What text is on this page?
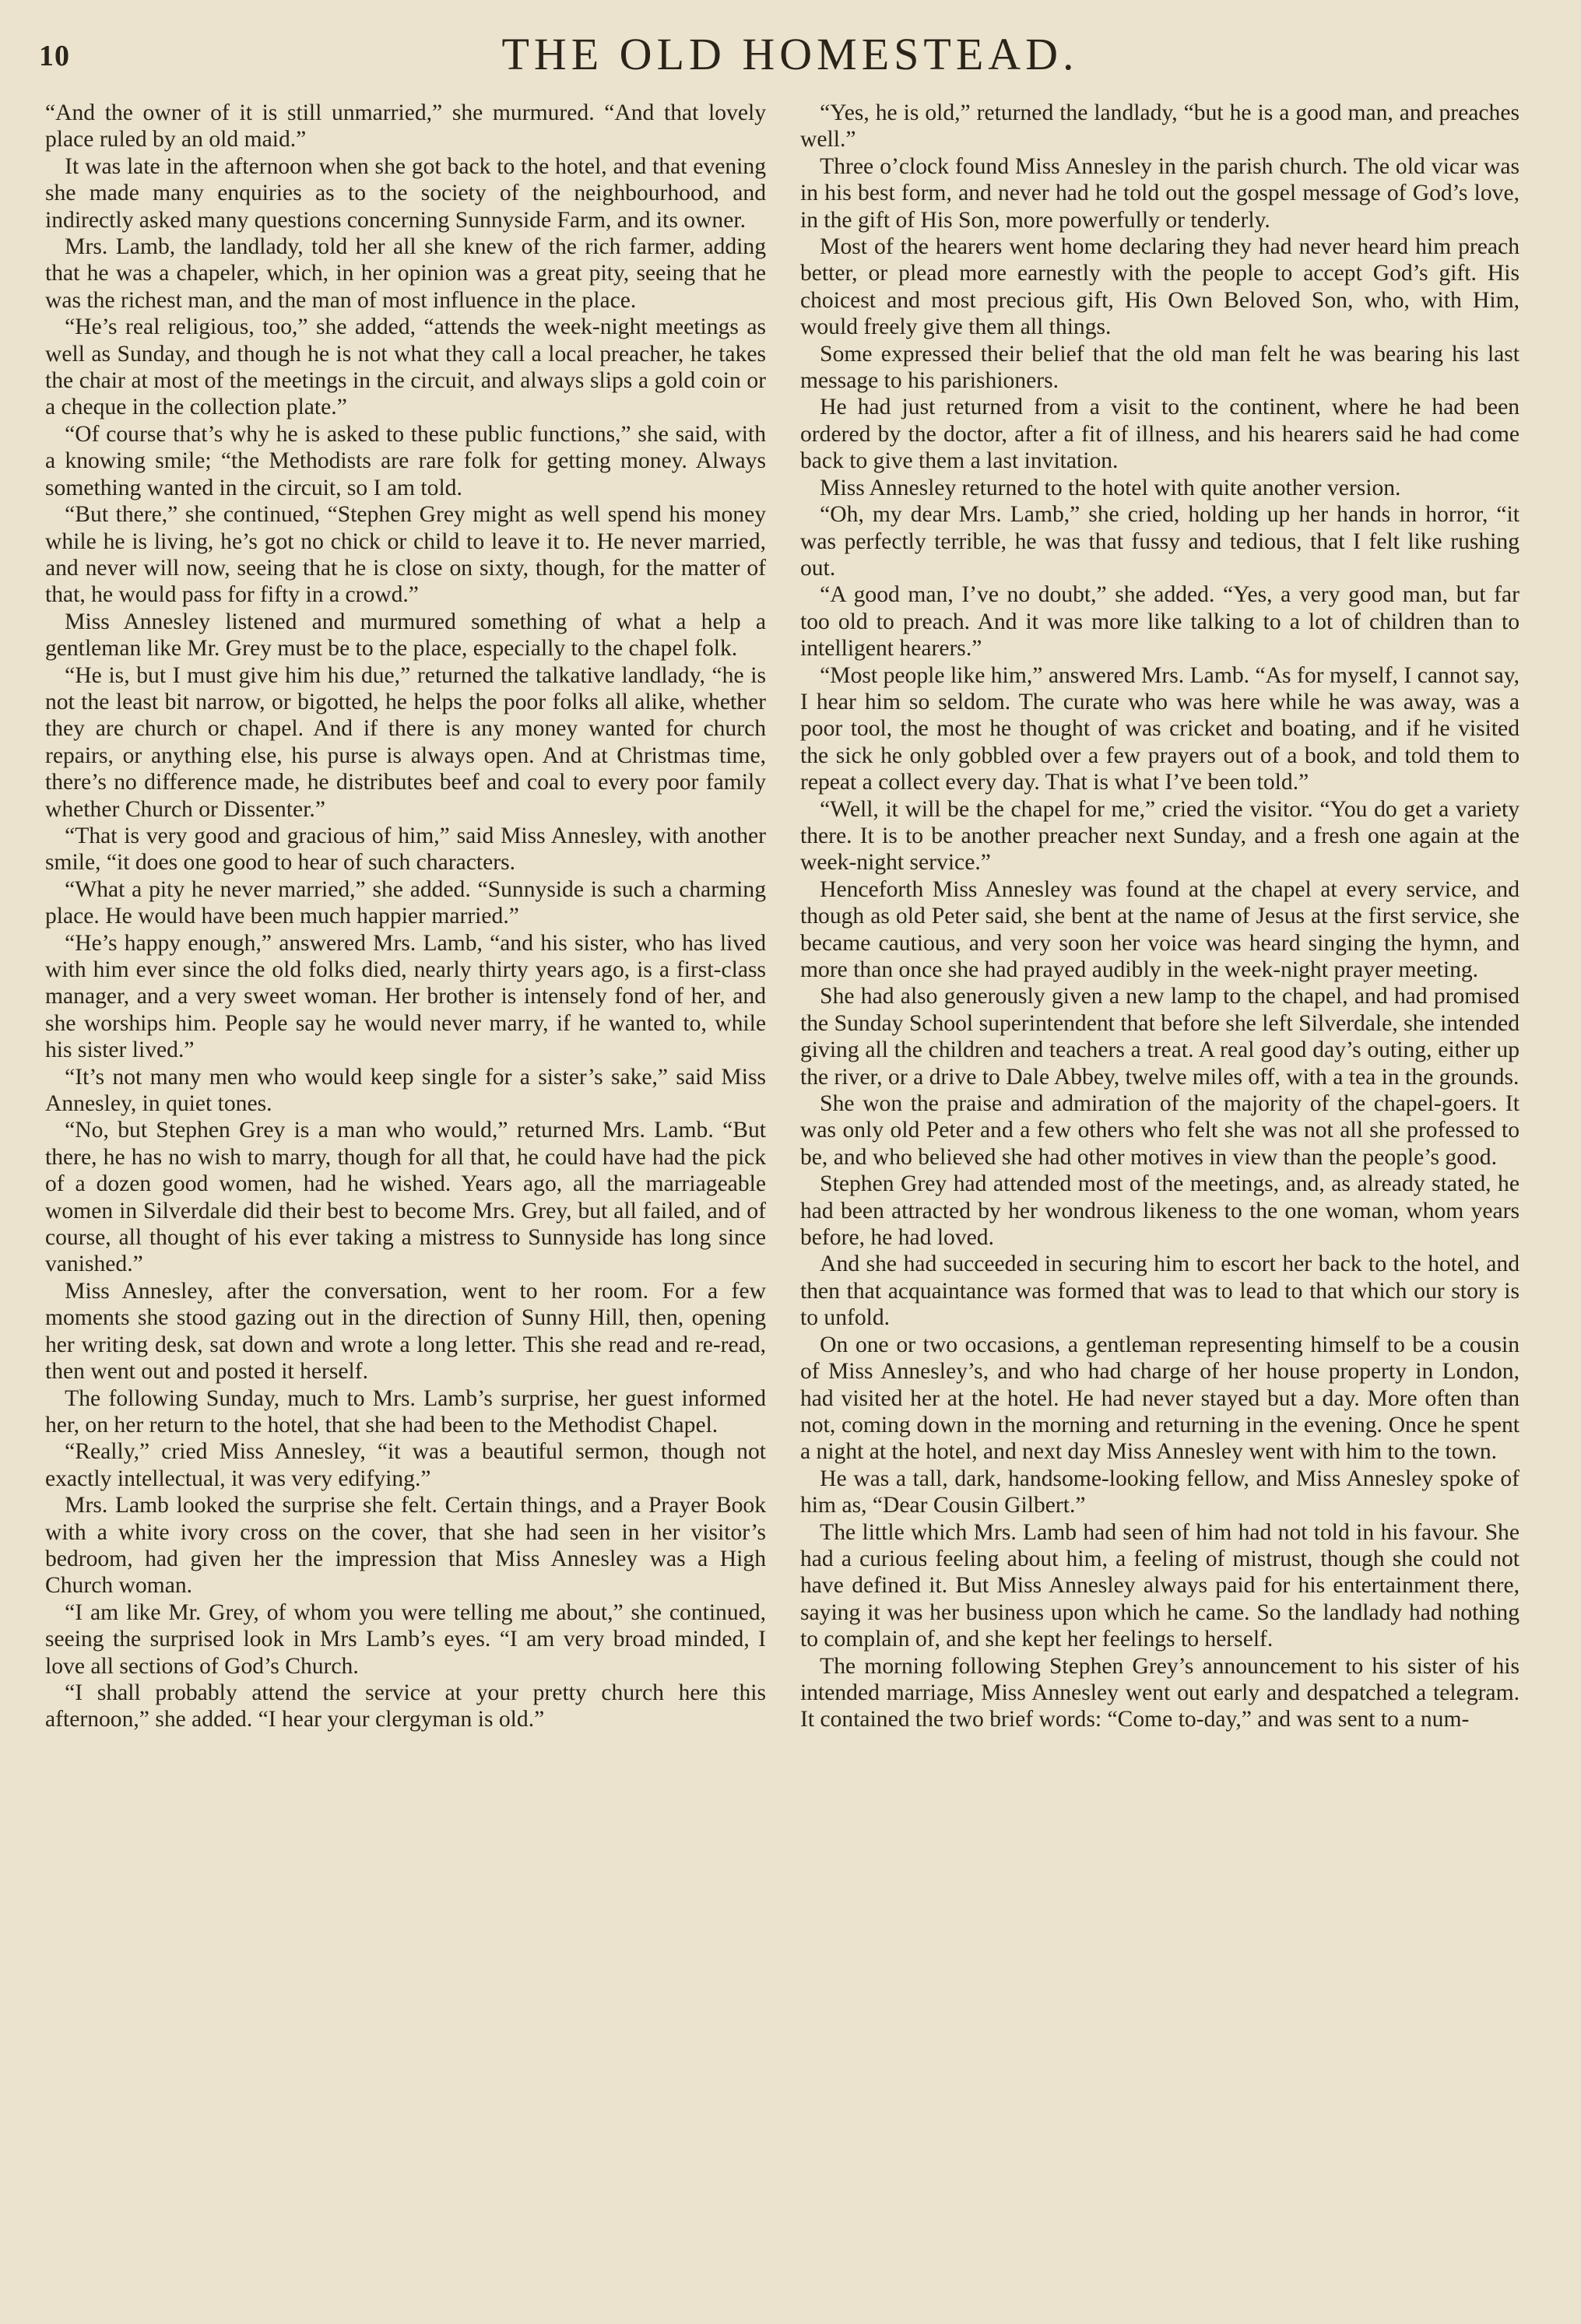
10	THE OLD HOMESTEAD.

“And the owner of it is still unmarried,” she murmured. “And that lovely place ruled by an old maid.”

It was late in the afternoon when she got back to the hotel, and that evening she made many enquiries as to the society of the neighbourhood, and indirectly asked many questions concerning Sunnyside Farm, and its owner.

Mrs. Lamb, the landlady, told her all she knew of the rich farmer, adding that he was a chapeler, which, in her opinion was a great pity, seeing that he was the richest man, and the man of most influence in the place.

“He’s real religious, too,” she added, “attends the week-night meetings as well as Sunday, and though he is not what they call a local preacher, he takes the chair at most of the meetings in the circuit, and always slips a gold coin or a cheque in the collection plate.”

“Of course that’s why he is asked to these public functions,” she said, with a knowing smile; “the Methodists are rare folk for getting money. Always something wanted in the circuit, so I am told.

“But there,” she continued, “Stephen Grey might as well spend his money while he is living, he’s got no chick or child to leave it to. He never married, and never will now, seeing that he is close on sixty, though, for the matter of that, he would pass for fifty in a crowd.”

Miss Annesley listened and murmured something of what a help a gentleman like Mr. Grey must be to the place, especially to the chapel folk.

“He is, but I must give him his due,” returned the talkative landlady, “he is not the least bit narrow, or bigotted, he helps the poor folks all alike, whether they are church or chapel. And if there is any money wanted for church repairs, or anything else, his purse is always open. And at Christmas time, there’s no difference made, he distributes beef and coal to every poor family whether Church or Dissenter.”

“That is very good and gracious of him,” said Miss Annesley, with another smile, “it does one good to hear of such characters.

“What a pity he never married,” she added. “Sunnyside is such a charming place. He would have been much happier married.”

“He’s happy enough,” answered Mrs. Lamb, “and his sister, who has lived with him ever since the old folks died, nearly thirty years ago, is a first-class manager, and a very sweet woman. Her brother is intensely fond of her, and she worships him. People say he would never marry, if he wanted to, while his sister lived.”

“It’s not many men who would keep single for a sister’s sake,” said Miss Annesley, in quiet tones.

“No, but Stephen Grey is a man who would,” returned Mrs. Lamb. “But there, he has no wish to marry, though for all that, he could have had the pick of a dozen good women, had he wished. Years ago, all the marriageable women in Silverdale did their best to become Mrs. Grey, but all failed, and of course, all thought of his ever taking a mistress to Sunnyside has long since vanished.”

Miss Annesley, after the conversation, went to her room. For a few moments she stood gazing out in the direction of Sunny Hill, then, opening her writing desk, sat down and wrote a long letter. This she read and re-read, then went out and posted it herself.

The following Sunday, much to Mrs. Lamb’s surprise, her guest informed her, on her return to the hotel, that she had been to the Methodist Chapel.

“Really,” cried Miss Annesley, “it was a beautiful sermon, though not exactly intellectual, it was very edifying.”

Mrs. Lamb looked the surprise she felt. Certain things, and a Prayer Book with a white ivory cross on the cover, that she had seen in her visitor’s bedroom, had given her the impression that Miss Annesley was a High Church woman.

“I am like Mr. Grey, of whom you were telling me about,” she continued, seeing the surprised look in Mrs Lamb’s eyes. “I am very broad minded, I love all sections of God’s Church.

“I shall probably attend the service at your pretty church here this afternoon,” she added. “I hear your clergyman is old.”

“Yes, he is old,” returned the landlady, “but he is a good man, and preaches well.”

Three o’clock found Miss Annesley in the parish church. The old vicar was in his best form, and never had he told out the gospel message of God’s love, in the gift of His Son, more powerfully or tenderly.

Most of the hearers went home declaring they had never heard him preach better, or plead more earnestly with the people to accept God’s gift. His choicest and most precious gift, His Own Beloved Son, who, with Him, would freely give them all things.

Some expressed their belief that the old man felt he was bearing his last message to his parishioners.

He had just returned from a visit to the continent, where he had been ordered by the doctor, after a fit of illness, and his hearers said he had come back to give them a last invitation.

Miss Annesley returned to the hotel with quite another version.

“Oh, my dear Mrs. Lamb,” she cried, holding up her hands in horror, “it was perfectly terrible, he was that fussy and tedious, that I felt like rushing out.

“A good man, I’ve no doubt,” she added. “Yes, a very good man, but far too old to preach. And it was more like talking to a lot of children than to intelligent hearers.”

“Most people like him,” answered Mrs. Lamb. “As for myself, I cannot say, I hear him so seldom. The curate who was here while he was away, was a poor tool, the most he thought of was cricket and boating, and if he visited the sick he only gobbled over a few prayers out of a book, and told them to repeat a collect every day. That is what I’ve been told.”

“Well, it will be the chapel for me,” cried the visitor. “You do get a variety there. It is to be another preacher next Sunday, and a fresh one again at the week-night service.”

Henceforth Miss Annesley was found at the chapel at every service, and though as old Peter said, she bent at the name of Jesus at the first service, she became cautious, and very soon her voice was heard singing the hymn, and more than once she had prayed audibly in the week-night prayer meeting.

She had also generously given a new lamp to the chapel, and had promised the Sunday School superintendent that before she left Silverdale, she intended giving all the children and teachers a treat. A real good day’s outing, either up the river, or a drive to Dale Abbey, twelve miles off, with a tea in the grounds.

She won the praise and admiration of the majority of the chapel-goers. It was only old Peter and a few others who felt she was not all she professed to be, and who believed she had other motives in view than the people’s good.

Stephen Grey had attended most of the meetings, and, as already stated, he had been attracted by her wondrous likeness to the one woman, whom years before, he had loved.

And she had succeeded in securing him to escort her back to the hotel, and then that acquaintance was formed that was to lead to that which our story is to unfold.

On one or two occasions, a gentleman representing himself to be a cousin of Miss Annesley’s, and who had charge of her house property in London, had visited her at the hotel. He had never stayed but a day. More often than not, coming down in the morning and returning in the evening. Once he spent a night at the hotel, and next day Miss Annesley went with him to the town.

He was a tall, dark, handsome-looking fellow, and Miss Annesley spoke of him as, “Dear Cousin Gilbert.”

The little which Mrs. Lamb had seen of him had not told in his favour. She had a curious feeling about him, a feeling of mistrust, though she could not have defined it. But Miss Annesley always paid for his entertainment there, saying it was her business upon which he came. So the landlady had nothing to complain of, and she kept her feelings to herself.

The morning following Stephen Grey’s announcement to his sister of his intended marriage, Miss Annesley went out early and despatched a telegram. It contained the two brief words: “Come to-day,” and was sent to a num-
